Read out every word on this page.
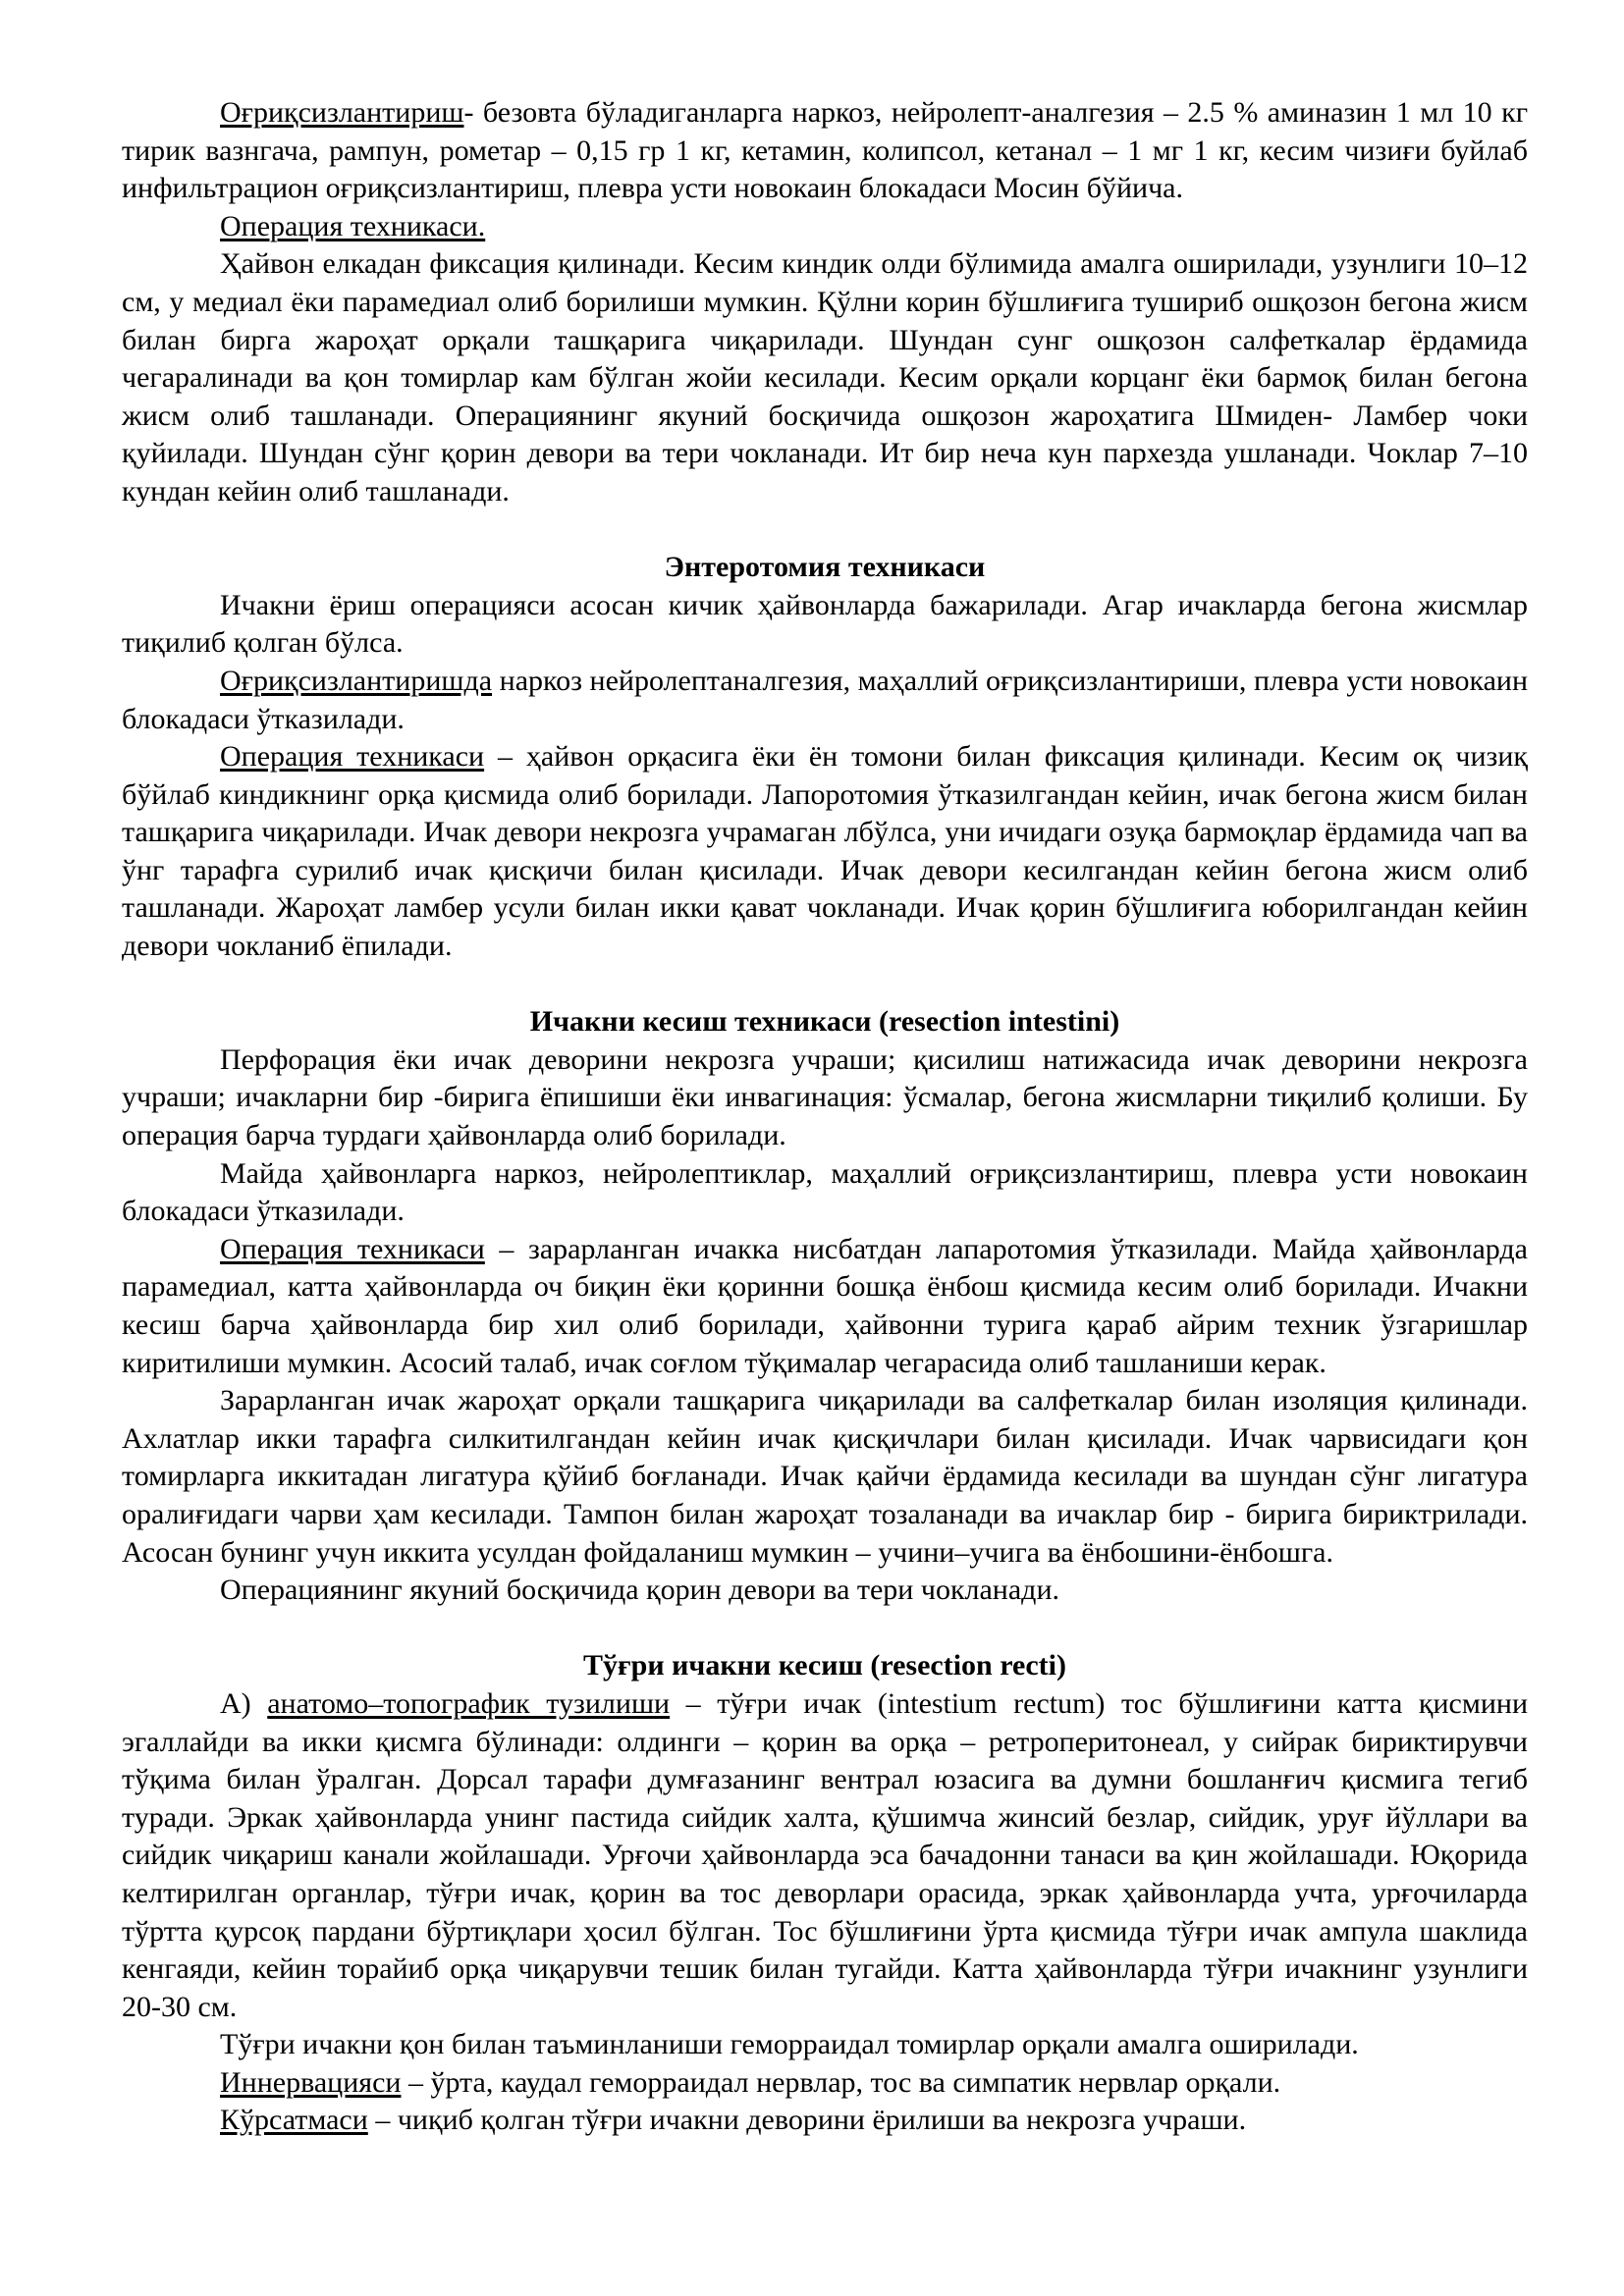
Оғриқсизлантириш- безовта бўладиганларга наркоз, нейролепт-аналгезия – 2.5 % аминазин 1 мл 10 кг тирик вазнгача, рампун, рометар – 0,15 гр 1 кг, кетамин, колипсол, кетанал – 1 мг 1 кг, кесим чизиғи буйлаб инфильтрацион оғриқсизлантириш, плевра усти новокаин блокадаси Мосин бўйича.

Операция техникаси.

Ҳайвон елкадан фиксация қилинади. Кесим киндик олди бўлимида амалга оширилади, узунлиги 10–12 см, у медиал ёки парамедиал олиб борилиши мумкин. Қўлни корин бўшлиғига тушириб ошқозон бегона жисм билан бирга жароҳат орқали ташқарига чиқарилади. Шундан сунг ошқозон салфеткалар ёрдамида чегаралинади ва қон томирлар кам бўлган жойи кесилади. Кесим орқали корцанг ёки бармоқ билан бегона жисм олиб ташланади. Операциянинг якуний босқичида ошқозон жароҳатига Шмиден- Ламбер чоки қуйилади. Шундан сўнг қорин девори ва тери чокланади. Ит бир неча кун пархезда ушланади. Чоклар 7–10 кундан кейин олиб ташланади.

Энтеротомия техникаси

Ичакни ёриш операцияси асосан кичик ҳайвонларда бажарилади. Агар ичакларда бегона жисмлар тиқилиб қолган бўлса.

Оғриқсизлантиришда наркоз нейролептаналгезия, маҳаллий оғриқсизлантириши, плевра усти новокаин блокадаси ўтказилади.

Операция техникаси – ҳайвон орқасига ёки ён томони билан фиксация қилинади. Кесим оқ чизиқ бўйлаб киндикнинг орқа қисмида олиб борилади. Лапоротомия ўтказилгандан кейин, ичак бегона жисм билан ташқарига чиқарилади. Ичак девори некрозга учрамаган лбўлса, уни ичидаги озуқа бармоқлар ёрдамида чап ва ўнг тарафга сурилиб ичак қисқичи билан қисилади. Ичак девори кесилгандан кейин бегона жисм олиб ташланади. Жароҳат ламбер усули билан икки қават чокланади. Ичак қорин бўшлиғига юборилгандан кейин девори чокланиб ёпилади.

Ичакни кесиш техникаси (resection intestini)

Перфорация ёки ичак деворини некрозга учраши; қисилиш натижасида ичак деворини некрозга учраши; ичакларни бир -бирига ёпишиши ёки инвагинация: ўсмалар, бегона жисмларни тиқилиб қолиши. Бу операция барча турдаги ҳайвонларда олиб борилади.

Майда ҳайвонларга наркоз, нейролептиклар, маҳаллий оғриқсизлантириш, плевра усти новокаин блокадаси ўтказилади.

Операция техникаси – зарарланган ичакка нисбатдан лапаротомия ўтказилади. Майда ҳайвонларда парамедиал, катта ҳайвонларда оч биқин ёки қоринни бошқа ёнбош қисмида кесим олиб борилади. Ичакни кесиш барча ҳайвонларда бир хил олиб борилади, ҳайвонни турига қараб айрим техник ўзгаришлар киритилиши мумкин. Асосий талаб, ичак соғлом тўқималар чегарасида олиб ташланиши керак.

Зарарланган ичак жароҳат орқали ташқарига чиқарилади ва салфеткалар билан изоляция қилинади. Ахлатлар икки тарафга силкитилгандан кейин ичак қисқичлари билан қисилади. Ичак чарвисидаги қон томирларга иккитадан лигатура қўйиб боғланади. Ичак қайчи ёрдамида кесилади ва шундан сўнг лигатура оралиғидаги чарви ҳам кесилади. Тампон билан жароҳат тозаланади ва ичаклар бир - бирига бириктрилади. Асосан бунинг учун иккита усулдан фойдаланиш мумкин – учини–учига ва ёнбошини-ёнбошга.

Операциянинг якуний босқичида қорин девори ва тери чокланади.

Тўғри ичакни кесиш (resection recti)

А) анатомо–топографик тузилиши – тўғри ичак (intestium rectum) тос бўшлиғини катта қисмини эгаллайди ва икки қисмга бўлинади: олдинги – қорин ва орқа – ретроперитонеал, у сийрак бириктирувчи тўқима билан ўралган. Дорсал тарафи думғазанинг вентрал юзасига ва думни бошланғич қисмига тегиб туради. Эркак ҳайвонларда унинг пастида сийдик халта, қўшимча жинсий безлар, сийдик, уруғ йўллари ва сийдик чиқариш канали жойлашади. Урғочи ҳайвонларда эса бачадонни танаси ва қин жойлашади. Юқорида келтирилган органлар, тўғри ичак, қорин ва тос деворлари орасида, эркак ҳайвонларда учта, урғочиларда тўртта қурсоқ пардани бўртиқлари ҳосил бўлган. Тос бўшлиғини ўрта қисмида тўғри ичак ампула шаклида кенгаяди, кейин торайиб орқа чиқарувчи тешик билан тугайди. Катта ҳайвонларда тўғри ичакнинг узунлиги 20-30 см.

Тўғри ичакни қон билан таъминланиши геморраидал томирлар орқали амалга оширилади.

Иннервацияси – ўрта, каудал геморраидал нервлар, тос ва симпатик нервлар орқали.

Кўрсатмаси – чиқиб қолган тўғри ичакни деворини ёрилиши ва некрозга учраши.
